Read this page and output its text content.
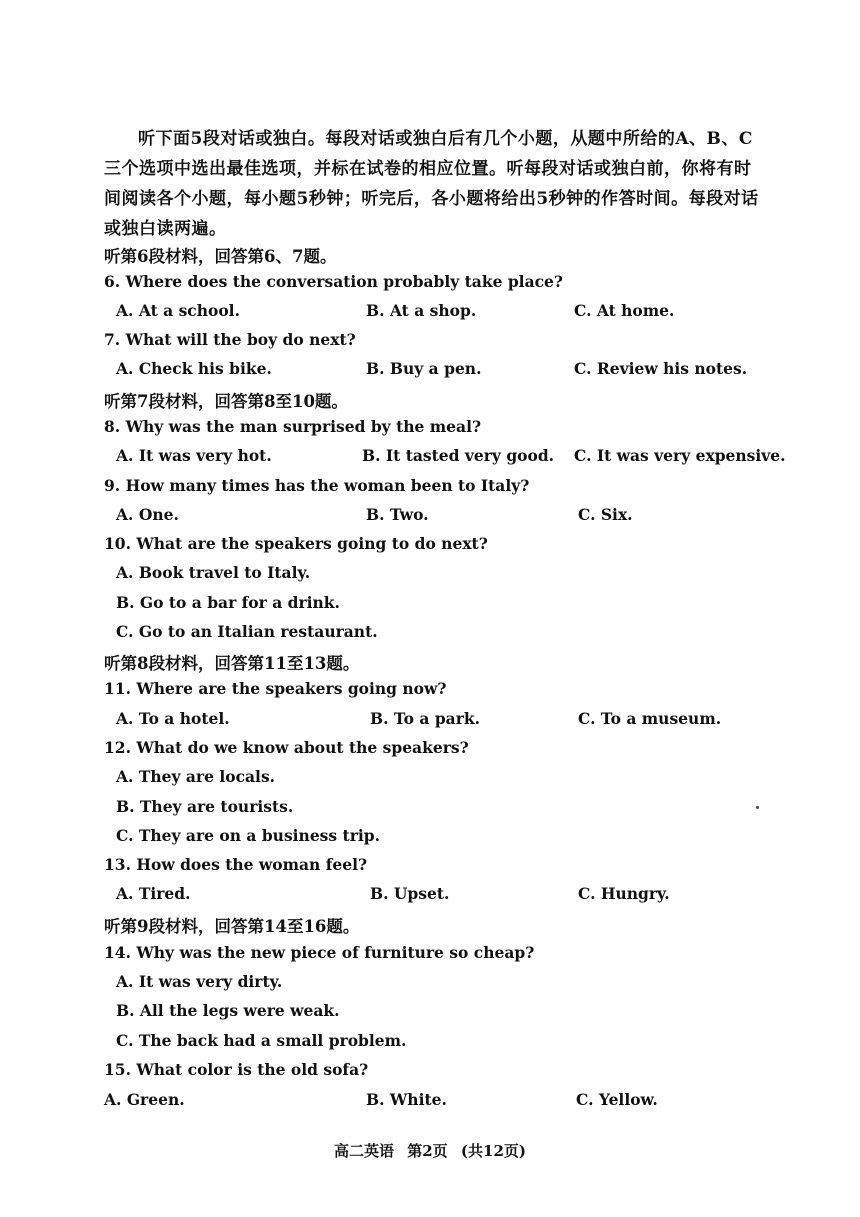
听下面5段对话或独白。每段对话或独白后有几个小题，从题中所给的A、B、C三个选项中选出最佳选项，并标在试卷的相应位置。听每段对话或独白前，你将有时间阅读各个小题，每小题5秒钟；听完后，各小题将给出5秒钟的作答时间。每段对话或独白读两遍。
听第6段材料，回答第6、7题。
6. Where does the conversation probably take place?
A. At a school.	B. At a shop.	C. At home.
7. What will the boy do next?
A. Check his bike.	B. Buy a pen.	C. Review his notes.
听第7段材料，回答第8至10题。
8. Why was the man surprised by the meal?
A. It was very hot.	B. It tasted very good. C. It was very expensive.
9. How many times has the woman been to Italy?
A. One.	B. Two.	C. Six.
10. What are the speakers going to do next?
A. Book travel to Italy.
B. Go to a bar for a drink.
C. Go to an Italian restaurant.
听第8段材料，回答第11至13题。
11. Where are the speakers going now?
A. To a hotel.	B. To a park.	C. To a museum.
12. What do we know about the speakers?
A. They are locals.
B. They are tourists.
C. They are on a business trip.
13. How does the woman feel?
A. Tired.	B. Upset.	C. Hungry.
听第9段材料，回答第14至16题。
14. Why was the new piece of furniture so cheap?
A. It was very dirty.
B. All the legs were weak.
C. The back had a small problem.
15. What color is the old sofa?
A. Green.	B. White.	C. Yellow.
高二英语 第2页 (共12页)
